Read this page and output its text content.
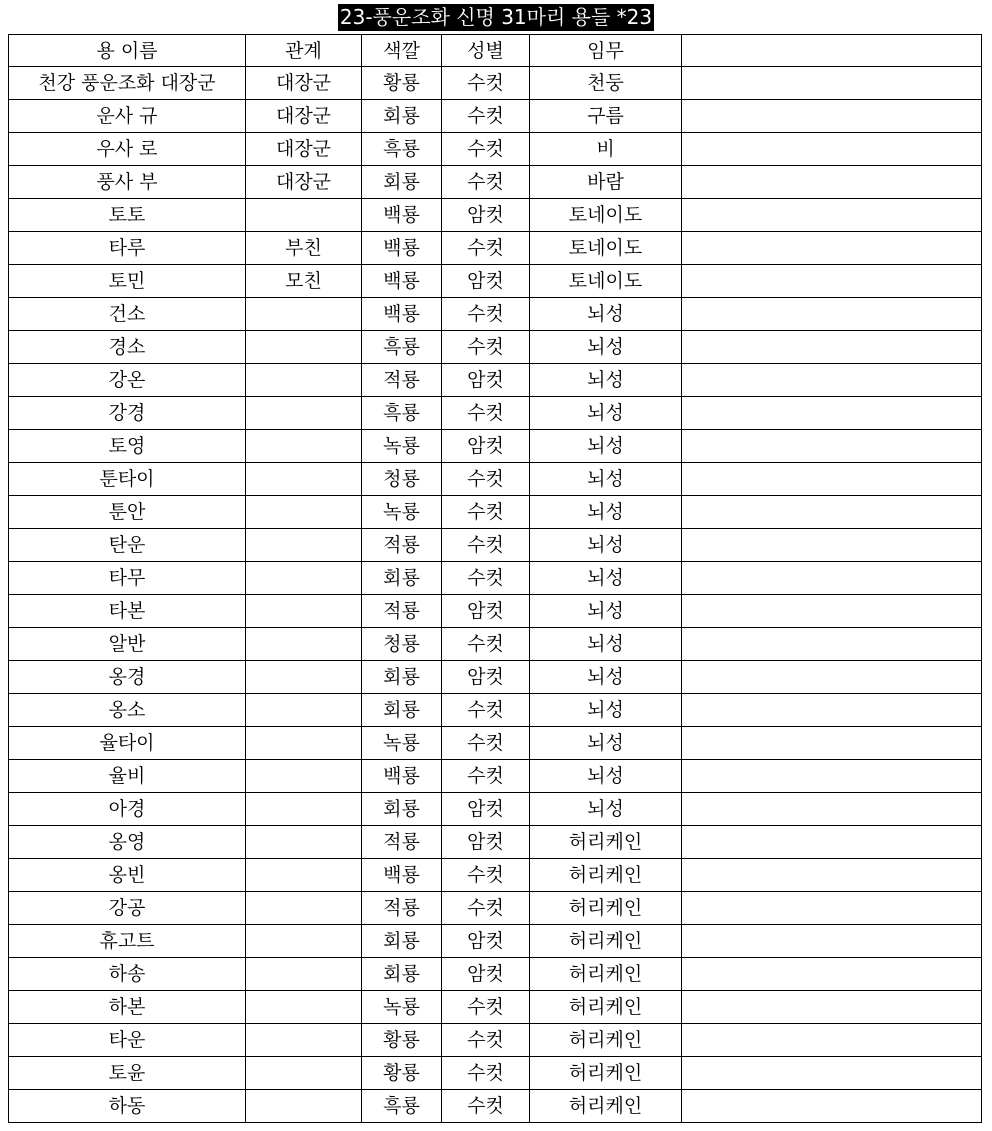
23-풍운조화 신명 31마리 용들 *23
용 이름	관계	색깔	성별	임무	
천강 풍운조화 대장군	대장군	황룡	수컷	천둥	
운사 규	대장군	회룡	수컷	구름	
우사 로	대장군	흑룡	수컷	비	
풍사 부	대장군	회룡	수컷	바람	
토토		백룡	암컷	토네이도	
타루	부친	백룡	수컷	토네이도	
토민	모친	백룡	암컷	토네이도	
건소		백룡	수컷	뇌성	
경소		흑룡	수컷	뇌성	
강온		적룡	암컷	뇌성	
강경		흑룡	수컷	뇌성	
토영		녹룡	암컷	뇌성	
툰타이		청룡	수컷	뇌성	
툰안		녹룡	수컷	뇌성	
탄운		적룡	수컷	뇌성	
타무		회룡	수컷	뇌성	
타본		적룡	암컷	뇌성	
알반		청룡	수컷	뇌성	
옹경		회룡	암컷	뇌성	
옹소		회룡	수컷	뇌성	
율타이		녹룡	수컷	뇌성	
율비		백룡	수컷	뇌성	
아경		회룡	암컷	뇌성	
옹영		적룡	암컷	허리케인	
옹빈		백룡	수컷	허리케인	
강공		적룡	수컷	허리케인	
휴고트		회룡	암컷	허리케인	
하송		회룡	암컷	허리케인	
하본		녹룡	수컷	허리케인	
타운		황룡	수컷	허리케인	
토윤		황룡	수컷	허리케인	
하동		흑룡	수컷	허리케인	
